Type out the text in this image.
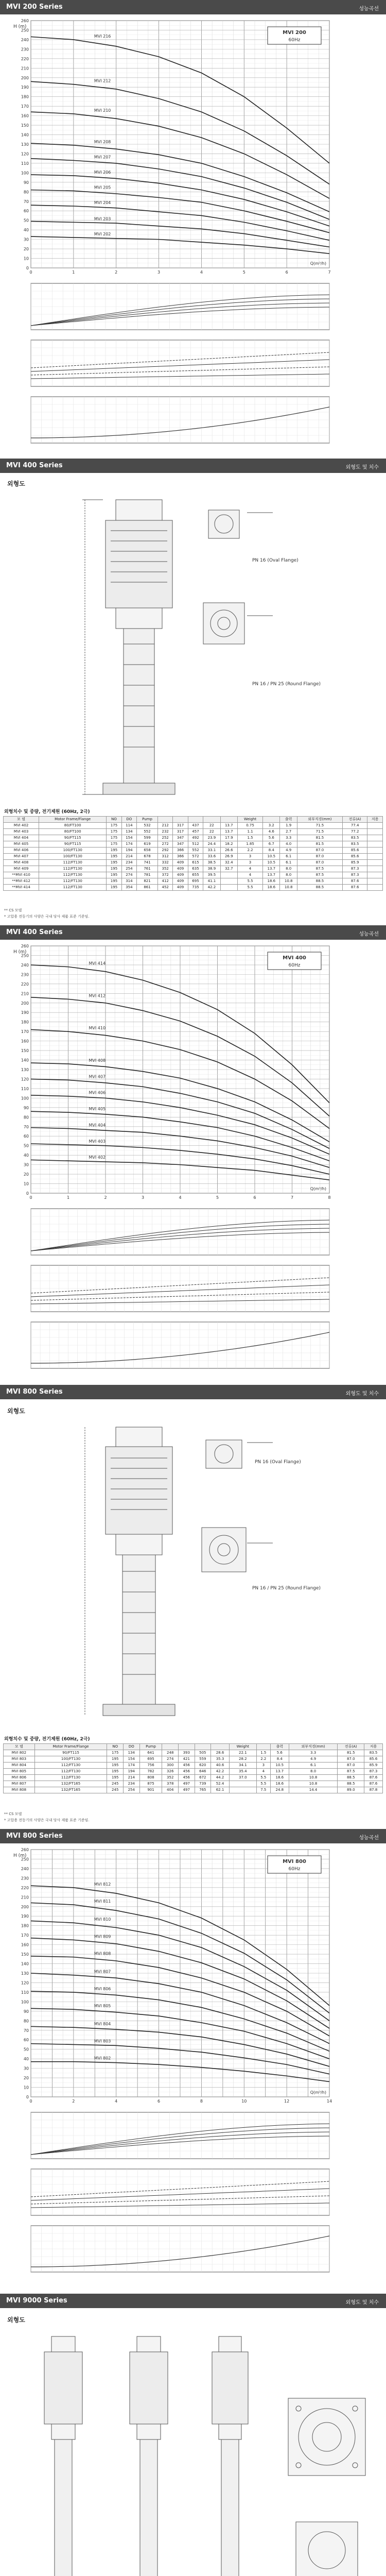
MVI 200 Series	성능곡선
0
10
20
30
40
50
60
70
80
90
100
110
120
130
140
150
160
170
180
190
200
210
220
230
240
250
260
0	1	2	3	4	5	6	7
H (m)
Q(m³/h)
MVI 200
60Hz
MVI 216
MVI 212
MVI 210
MVI 208
MVI 207
MVI 206
MVI 205
MVI 204
MVI 203
MVI 202
MVI 400 Series	외형도 및 치수
외형도
PN 16 (Oval Flange)
PN 16 / PN 25 (Round Flange)
외형치수 및 중량, 전기제원 (60Hz, 2극)
모 델	Motor Frame/Flange	NO	DO	Pump						Weight		출력	외부직경(mm)	전류(A)	저용
MVI 402	80/FT100	175	114	532	212	317	437	22	13.7	0.75	3.2	1.9	71.5	77.4	
MVI 403	80/FT100	175	134	552	232	317	457	22	13.7	1.1	4.6	2.7	71.5	77.2	
MVI 404	90/FT115	175	154	599	252	347	492	23.9	17.9	1.5	5.6	3.3	81.5	83.5	
MVI 405	90/FT115	175	174	619	272	347	512	24.4	18.2	1.85	6.7	4.0	81.5	83.5	
MVI 406	100/FT130	195	194	658	292	366	552	33.1	26.6	2.2	8.4	4.9	87.0	85.6	
MVI 407	100/FT130	195	214	678	312	366	572	33.6	26.9	3	10.5	6.1	87.0	85.6	
MVI 408	112/FT130	195	234	741	332	409	615	38.5	32.4	3	10.5	6.1	87.0	85.9	
MVI 409	112/FT130	195	254	761	352	409	635	38.9	32.7	4	13.7	8.0	87.5	87.3	
**MVI 410	112/FT130	195	274	781	372	409	655	39.5		4	13.7	8.0	87.5	87.3	
**MVI 412	112/FT130	195	314	821	412	409	695	41.1		5.5	18.6	10.8	88.5	87.6	
**MVI 414	112/FT130	195	354	861	452	409	735	42.2		5.5	18.6	10.8	88.5	87.6	
** CS 모델
* 고압용 전동기의 사양은 국내 당사 제품 표준 기준임.
MVI 400 Series	성능곡선
0
10
20
30
40
50
60
70
80
90
100
110
120
130
140
150
160
170
180
190
200
210
220
230
240
250
260
0	1	2	3	4	5	6	7	8
H (m)
Q(m³/h)
MVI 400
60Hz
MVI 414
MVI 412
MVI 410
MVI 408
MVI 407
MVI 406
MVI 405
MVI 404
MVI 403
MVI 402
MVI 800 Series	외형도 및 치수
외형도
PN 16 (Oval Flange)
PN 16 / PN 25 (Round Flange)
외형치수 및 중량, 전기제원 (60Hz, 2극)
모 델	Motor Frame/Flange	NO	DO	Pump					Weight		출력	외부직경(mm)	전류(A)	저용
MVI 802	90/FT115	175	134	641	248	393	505	28.6	22.1	1.5	5.6	3.3	81.5	83.5
MVI 803	100/FT130	195	154	695	274	421	559	35.3	28.2	2.2	8.4	4.9	87.0	85.6
MVI 804	112/FT130	195	174	756	300	456	620	40.6	34.1	3	10.5	6.1	87.0	85.9
MVI 805	112/FT130	195	194	782	326	456	646	42.2	35.4	4	13.7	8.0	87.5	87.3
MVI 806	112/FT130	195	214	808	352	456	672	44.2	37.0	5.5	18.6	10.8	88.5	87.6
MVI 807	132/FT165	245	234	875	378	497	739	52.4		5.5	18.6	10.8	88.5	87.6
MVI 808	132/FT165	245	254	901	404	497	765	62.1		7.5	24.8	14.4	89.0	87.8
** CS 모델
* 고압용 전동기의 사양은 국내 당사 제품 표준 기준임.
MVI 800 Series	성능곡선
0
10
20
30
40
50
60
70
80
90
100
110
120
130
140
150
160
170
180
190
200
210
220
230
240
250
260
0	2	4	6	8	10	12	14
H (m)
Q(m³/h)
MVI 800
60Hz
MVI 812
MVI 811
MVI 810
MVI 809
MVI 808
MVI 807
MVI 806
MVI 805
MVI 804
MVI 803
MVI 802
MVI 9000 Series	외형도 및 치수
외형도
